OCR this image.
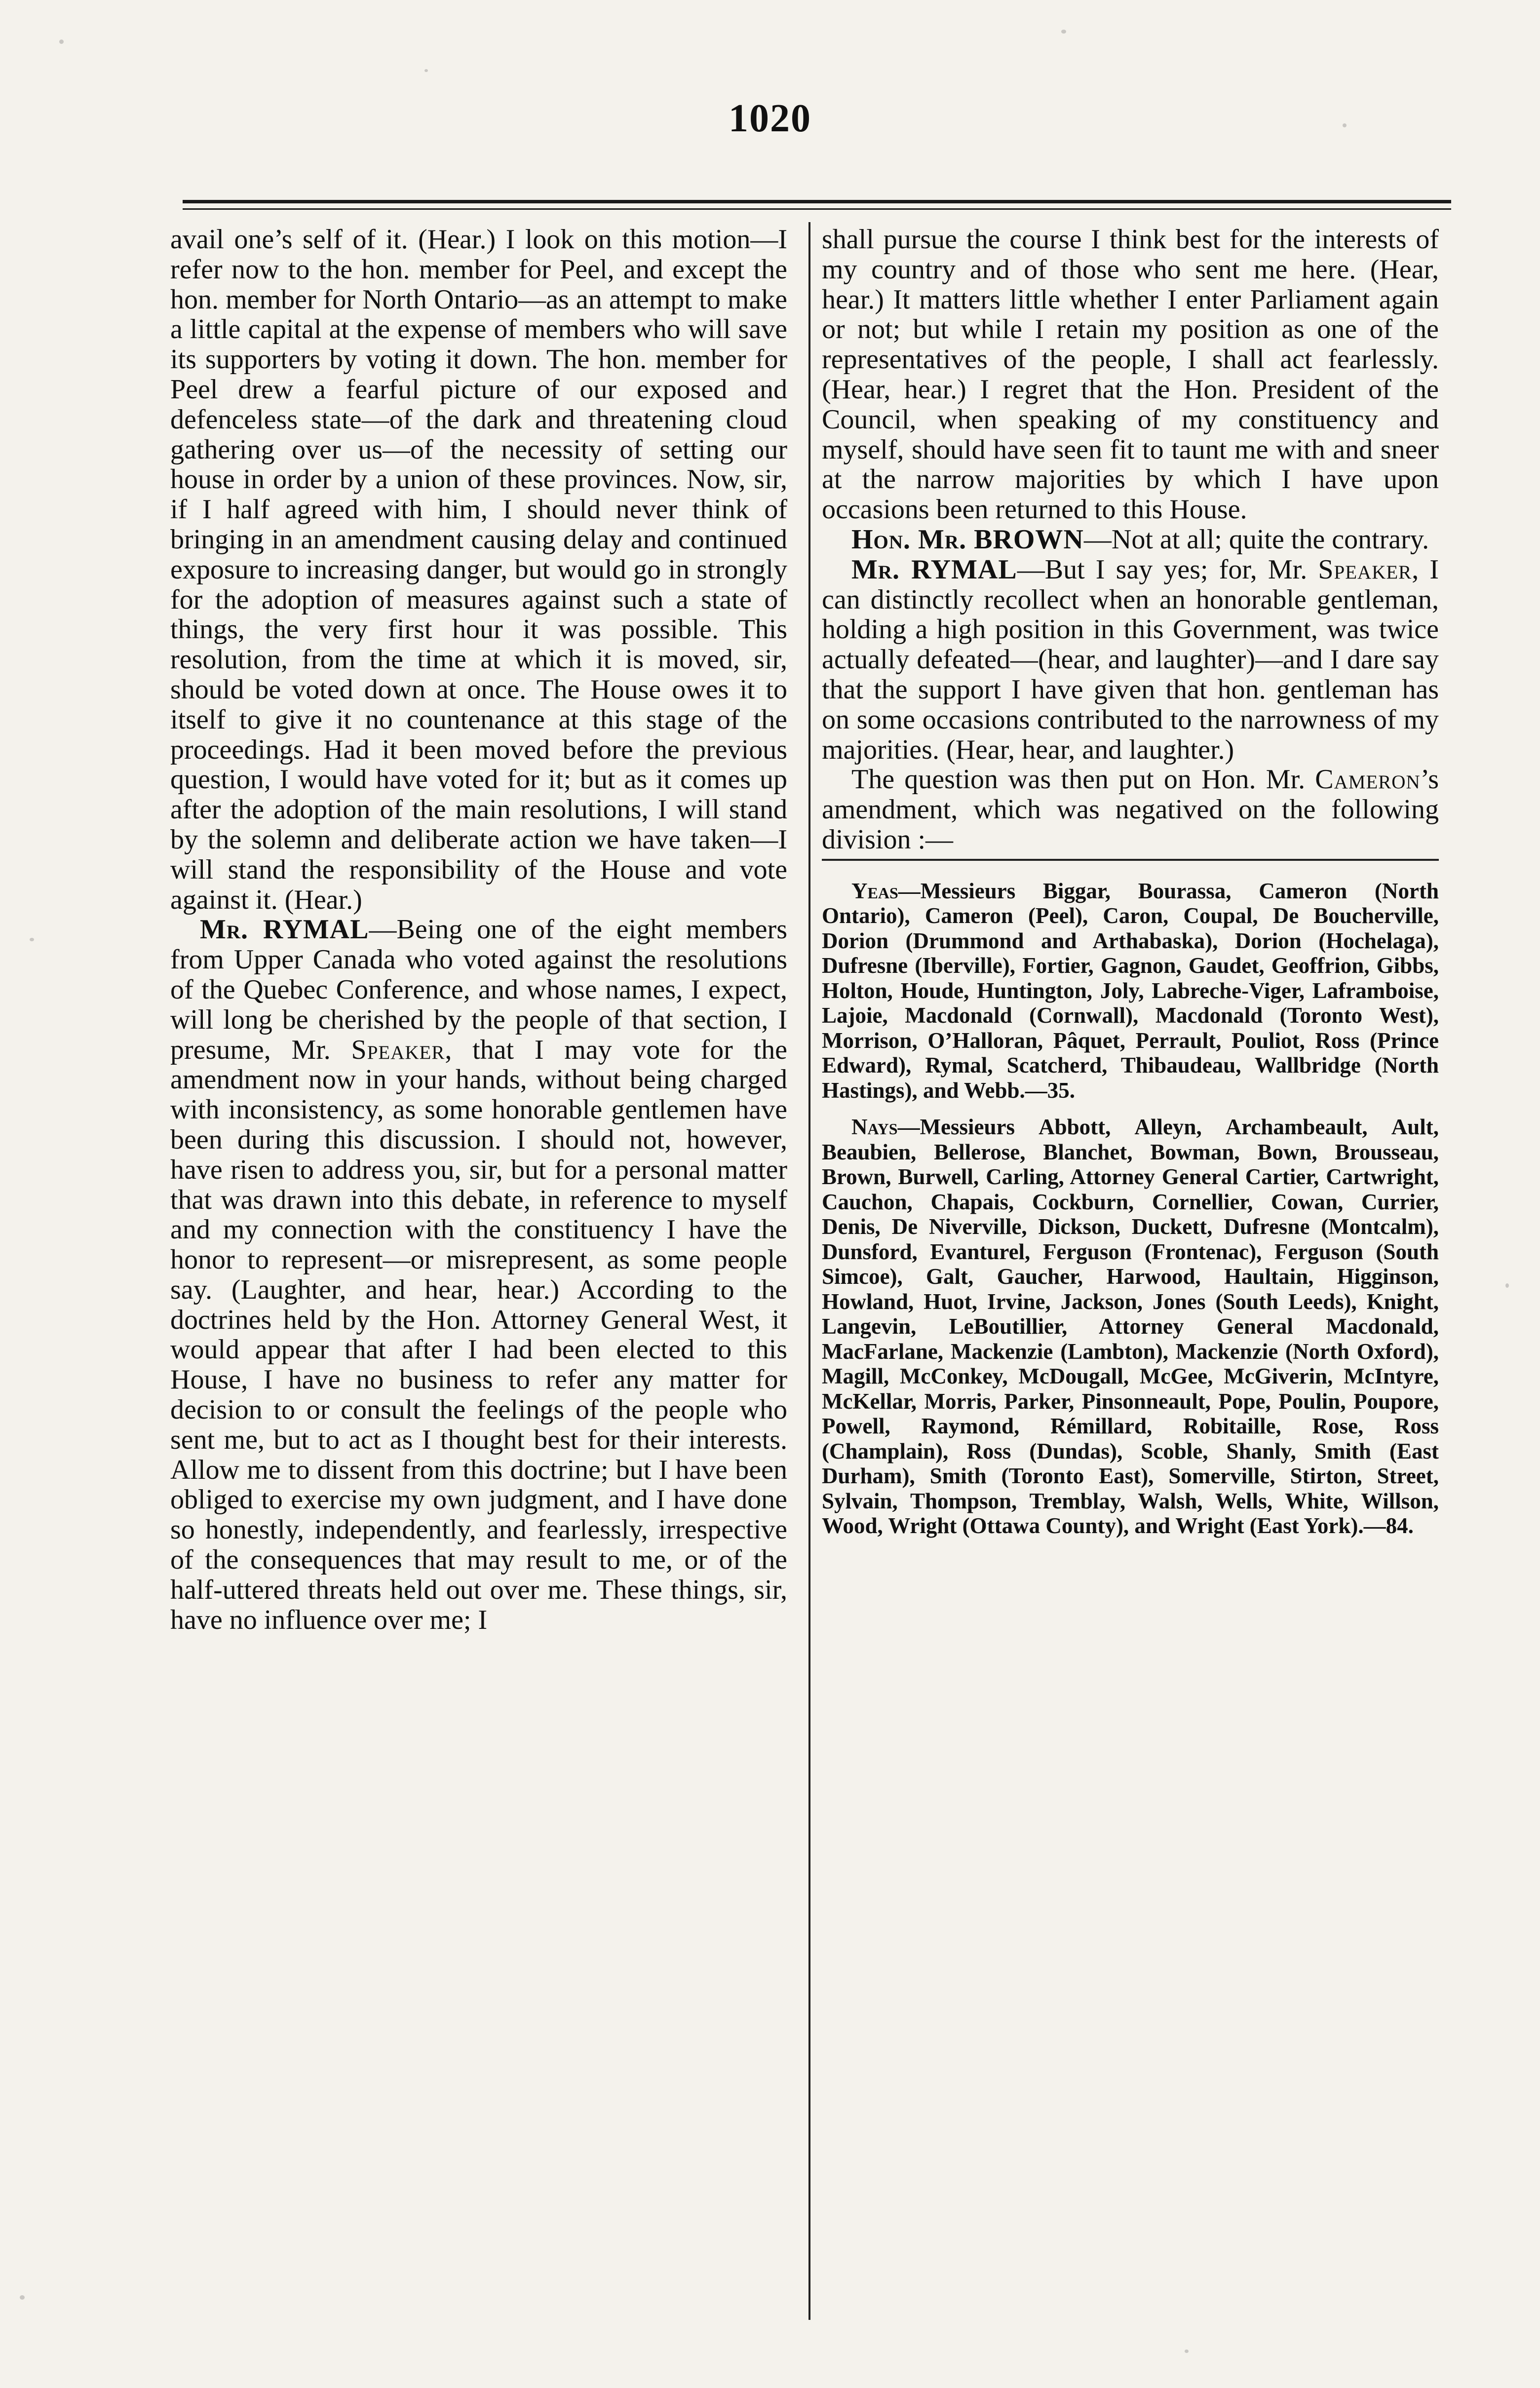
1020

avail one’s self of it. (Hear.) I look on this motion—I refer now to the hon. member for Peel, and except the hon. member for North Ontario—as an attempt to make a little capital at the expense of members who will save its supporters by voting it down. The hon. member for Peel drew a fearful picture of our exposed and defenceless state—of the dark and threatening cloud gathering over us—of the necessity of setting our house in order by a union of these provinces. Now, sir, if I half agreed with him, I should never think of bringing in an amendment causing delay and continued exposure to increasing danger, but would go in strongly for the adoption of measures against such a state of things, the very first hour it was possible. This resolution, from the time at which it is moved, sir, should be voted down at once. The House owes it to itself to give it no countenance at this stage of the proceedings. Had it been moved before the previous question, I would have voted for it; but as it comes up after the adoption of the main resolutions, I will stand by the solemn and deliberate action we have taken—I will stand the responsibility of the House and vote against it. (Hear.)

Mr. RYMAL—Being one of the eight members from Upper Canada who voted against the resolutions of the Quebec Conference, and whose names, I expect, will long be cherished by the people of that section, I presume, Mr. Speaker, that I may vote for the amendment now in your hands, without being charged with inconsistency, as some honorable gentlemen have been during this discussion. I should not, however, have risen to address you, sir, but for a personal matter that was drawn into this debate, in reference to myself and my connection with the constituency I have the honor to represent—or misrepresent, as some people say. (Laughter, and hear, hear.) According to the doctrines held by the Hon. Attorney General West, it would appear that after I had been elected to this House, I have no business to refer any matter for decision to or consult the feelings of the people who sent me, but to act as I thought best for their interests. Allow me to dissent from this doctrine; but I have been obliged to exercise my own judgment, and I have done so honestly, independently, and fearlessly, irrespective of the consequences that may result to me, or of the half-uttered threats held out over me. These things, sir, have no influence over me; I

shall pursue the course I think best for the interests of my country and of those who sent me here. (Hear, hear.) It matters little whether I enter Parliament again or not; but while I retain my position as one of the representatives of the people, I shall act fearlessly. (Hear, hear.) I regret that the Hon. President of the Council, when speaking of my constituency and myself, should have seen fit to taunt me with and sneer at the narrow majorities by which I have upon occasions been returned to this House.

Hon. Mr. BROWN—Not at all; quite the contrary.

Mr. RYMAL—But I say yes; for, Mr. Speaker, I can distinctly recollect when an honorable gentleman, holding a high position in this Government, was twice actually defeated—(hear, and laughter)—and I dare say that the support I have given that hon. gentleman has on some occasions contributed to the narrowness of my majorities. (Hear, hear, and laughter.)

The question was then put on Hon. Mr. Cameron’s amendment, which was negatived on the following division :—

Yeas—Messieurs Biggar, Bourassa, Cameron (North Ontario), Cameron (Peel), Caron, Coupal, De Boucherville, Dorion (Drummond and Arthabaska), Dorion (Hochelaga), Dufresne (Iberville), Fortier, Gagnon, Gaudet, Geoffrion, Gibbs, Holton, Houde, Huntington, Joly, Labreche-Viger, Laframboise, Lajoie, Macdonald (Cornwall), Macdonald (Toronto West), Morrison, O’Halloran, Pâquet, Perrault, Pouliot, Ross (Prince Edward), Rymal, Scatcherd, Thibaudeau, Wallbridge (North Hastings), and Webb.—35.

Nays—Messieurs Abbott, Alleyn, Archambeault, Ault, Beaubien, Bellerose, Blanchet, Bowman, Bown, Brousseau, Brown, Burwell, Carling, Attorney General Cartier, Cartwright, Cauchon, Chapais, Cockburn, Cornellier, Cowan, Currier, Denis, De Niverville, Dickson, Duckett, Dufresne (Montcalm), Dunsford, Evanturel, Ferguson (Frontenac), Ferguson (South Simcoe), Galt, Gaucher, Harwood, Haultain, Higginson, Howland, Huot, Irvine, Jackson, Jones (South Leeds), Knight, Langevin, LeBoutillier, Attorney General Macdonald, MacFarlane, Mackenzie (Lambton), Mackenzie (North Oxford), Magill, McConkey, McDougall, McGee, McGiverin, McIntyre, McKellar, Morris, Parker, Pinsonneault, Pope, Poulin, Poupore, Powell, Raymond, Rémillard, Robitaille, Rose, Ross (Champlain), Ross (Dundas), Scoble, Shanly, Smith (East Durham), Smith (Toronto East), Somerville, Stirton, Street, Sylvain, Thompson, Tremblay, Walsh, Wells, White, Willson, Wood, Wright (Ottawa County), and Wright (East York).—84.
